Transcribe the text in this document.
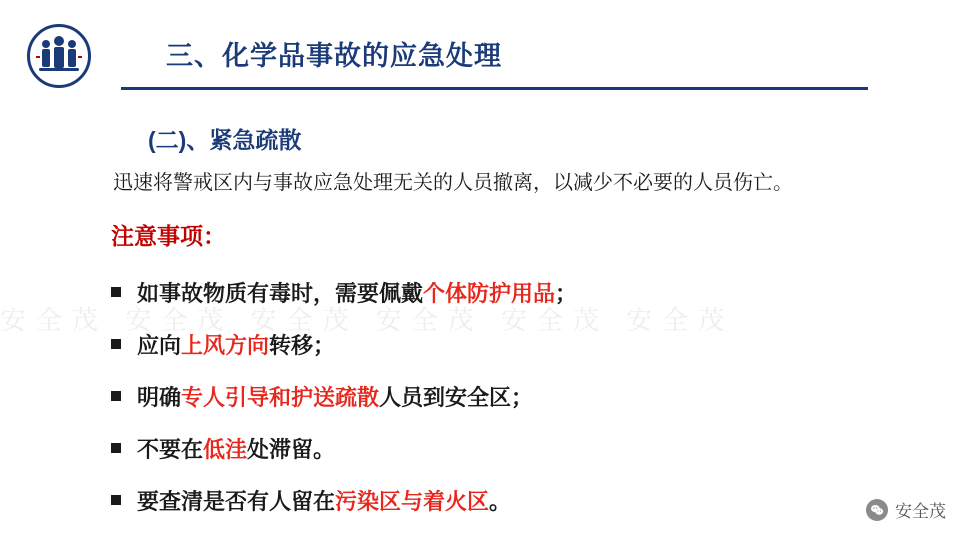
安全茂 安全茂 安全茂 安全茂 安全茂 安全茂
三、化学品事故的应急处理
(二)、紧急疏散
迅速将警戒区内与事故应急处理无关的人员撤离，以减少不必要的人员伤亡。
注意事项：
如事故物质有毒时，需要佩戴个体防护用品；
应向上风方向转移；
明确专人引导和护送疏散人员到安全区；
不要在低洼处滞留。
要查清是否有人留在污染区与着火区。	安全茂
